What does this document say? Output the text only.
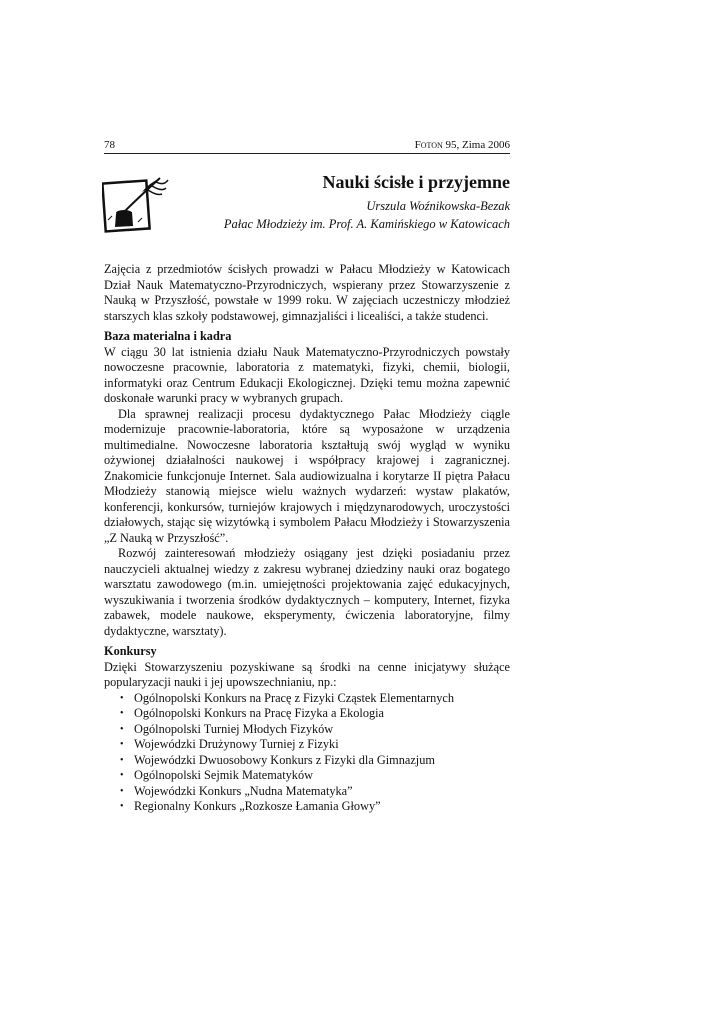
78	Foton 95, Zima 2006
Nauki ścisłe i przyjemne
Urszula Woźnikowska-Bezak
Pałac Młodzieży im. Prof. A. Kamińskiego w Katowicach

Zajęcia z przedmiotów ścisłych prowadzi w Pałacu Młodzieży w Katowicach Dział Nauk Matematyczno-Przyrodniczych, wspierany przez Stowarzyszenie z Nauką w Przyszłość, powstałe w 1999 roku. W zajęciach uczestniczy młodzież starszych klas szkoły podstawowej, gimnazjaliści i licealiści, a także studenci.

Baza materialna i kadra

W ciągu 30 lat istnienia działu Nauk Matematyczno-Przyrodniczych powstały nowoczesne pracownie, laboratoria z matematyki, fizyki, chemii, biologii, informatyki oraz Centrum Edukacji Ekologicznej. Dzięki temu można zapewnić doskonałe warunki pracy w wybranych grupach.

Dla sprawnej realizacji procesu dydaktycznego Pałac Młodzieży ciągle modernizuje pracownie-laboratoria, które są wyposażone w urządzenia multimedialne. Nowoczesne laboratoria kształtują swój wygląd w wyniku ożywionej działalności naukowej i współpracy krajowej i zagranicznej. Znakomicie funkcjonuje Internet. Sala audiowizualna i korytarze II piętra Pałacu Młodzieży stanowią miejsce wielu ważnych wydarzeń: wystaw plakatów, konferencji, konkursów, turniejów krajowych i międzynarodowych, uroczystości działowych, stając się wizytówką i symbolem Pałacu Młodzieży i Stowarzyszenia „Z Nauką w Przyszłość”.

Rozwój zainteresowań młodzieży osiągany jest dzięki posiadaniu przez nauczycieli aktualnej wiedzy z zakresu wybranej dziedziny nauki oraz bogatego warsztatu zawodowego (m.in. umiejętności projektowania zajęć edukacyjnych, wyszukiwania i tworzenia środków dydaktycznych – komputery, Internet, fizyka zabawek, modele naukowe, eksperymenty, ćwiczenia laboratoryjne, filmy dydaktyczne, warsztaty).

Konkursy

Dzięki Stowarzyszeniu pozyskiwane są środki na cenne inicjatywy służące popularyzacji nauki i jej upowszechnianiu, np.:

• Ogólnopolski Konkurs na Pracę z Fizyki Cząstek Elementarnych
• Ogólnopolski Konkurs na Pracę Fizyka a Ekologia
• Ogólnopolski Turniej Młodych Fizyków
• Wojewódzki Drużynowy Turniej z Fizyki
• Wojewódzki Dwuosobowy Konkurs z Fizyki dla Gimnazjum
• Ogólnopolski Sejmik Matematyków
• Wojewódzki Konkurs „Nudna Matematyka”
• Regionalny Konkurs „Rozkosze Łamania Głowy”
